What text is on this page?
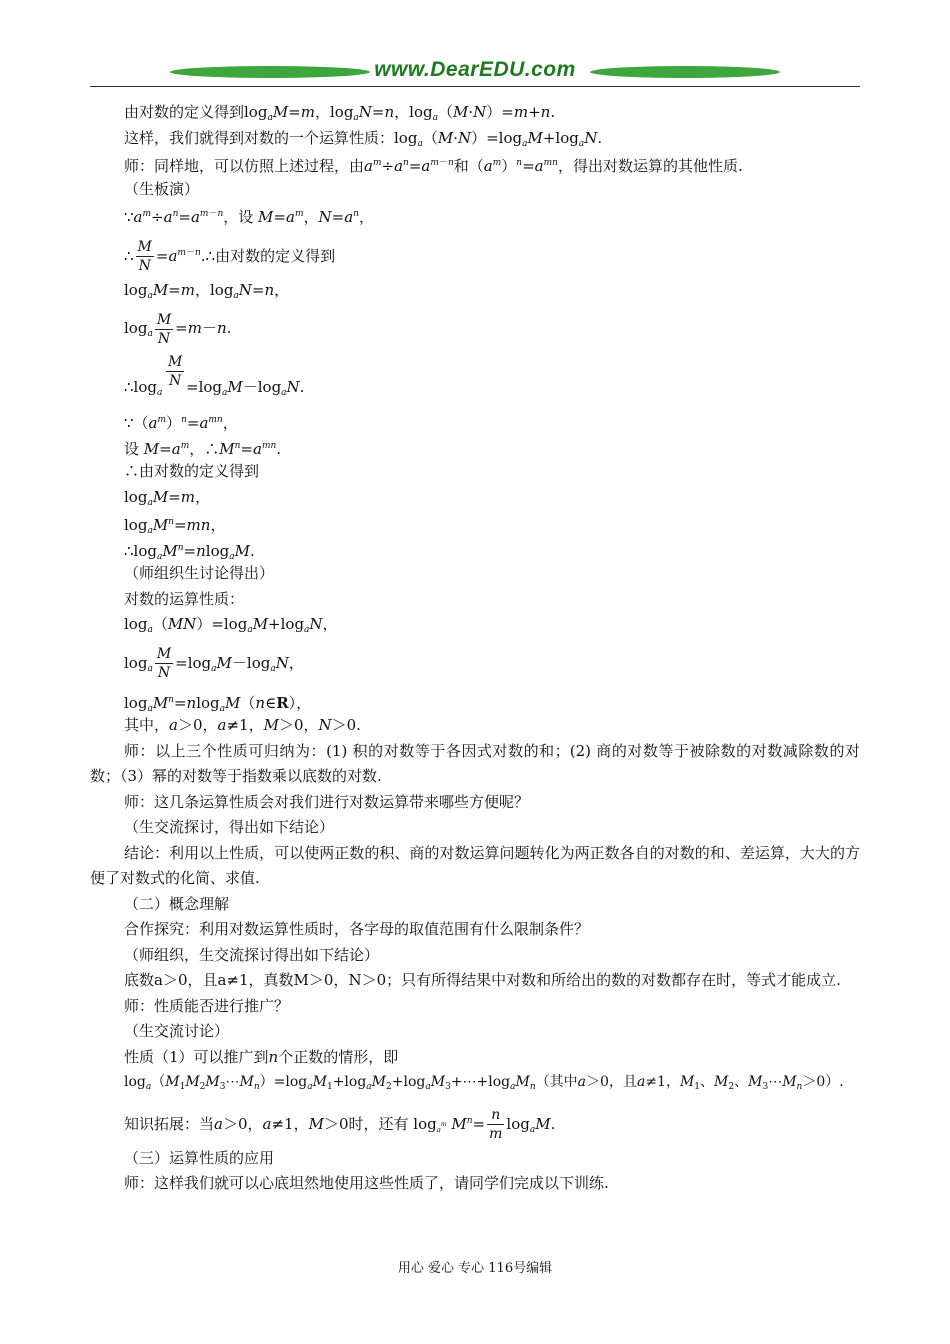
www.DearEDU.com
由对数的定义得到$\log_aM=m$，$\log_aN=n$，$\log_a(M\cdot N)=m+n$.
这样，我们就得到对数的一个运算性质：$\log_a(M\cdot N)=\log_aM+\log_aN$.
师：同样地，可以仿照上述过程，由$a^m\div a^n=a^{m-n}$和$(a^m)^n=a^{mn}$，得出对数运算的其他性质.
（生板演）
$\because a^m\div a^n=a^{m-n}$，设 $M=a^m$，$N=a^n$，
∴ $\frac{M}{N}$ $=a^{m-n}.\therefore$由对数的定义得到
$\log_aM=m$，$\log_aN=n$，
$\log_a \frac{M}{N} =m-n$.
$\therefore\log_a$
$\frac{M}{N} =\log_aM-\log_aN$.
$\because(a^m)^n=a^{mn}$，
设 $M=a^m$，$\therefore M^n=a^{mn}$.
∴由对数的定义得到
$\log_aM=m$，
$\log_aM^n=mn$，
$\therefore\log_aM^n=nlog_aM$.
（师组织生讨论得出）
对数的运算性质：
$\log_a(MN)=\log_aM+\log_aN$，
$\log_a \frac{M}{N} =\log_aM-\log_aN$，
$\log_aM^n=nlog_aM(n\in R)$，
其中，a＞0，a≠1，M＞0，N＞0.
师：以上三个性质可归纳为：(1) 积的对数等于各因式对数的和；(2) 商的对数等于被除数的对数减除数的对数；（3）幂的对数等于指数乘以底数的对数.
师：这几条运算性质会对我们进行对数运算带来哪些方便呢？
（生交流探讨，得出如下结论）
结论：利用以上性质，可以使两正数的积、商的对数运算问题转化为两正数各自的对数的和、差运算，大大的方便了对数式的化简、求值.
（二）概念理解
合作探究：利用对数运算性质时，各字母的取值范围有什么限制条件？
（师组织，生交流探讨得出如下结论）
底数a＞0，且a≠1，真数M＞0，N＞0；只有所得结果中对数和所给出的数的对数都存在时，等式才能成立.
师：性质能否进行推广？
（生交流讨论）
性质（1）可以推广到n个正数的情形，即
$\log_a(M_1M_2M_3\cdots M_n)=\log_aM_1+\log_aM_2+\log_aM_3+\cdots+\log_aM_n$（其中a＞0，且a≠1，$M_1$、$M_2$、$M_3\cdots M_n>0$）.
知识拓展：当a＞0，a≠1，M＞0时，还有 $\log_{a^m} M^n= \frac{n}{m} \log_aM$.
（三）运算性质的应用
师：这样我们就可以心底坦然地使用这些性质了，请同学们完成以下训练.
用心 爱心 专心 116号编辑
